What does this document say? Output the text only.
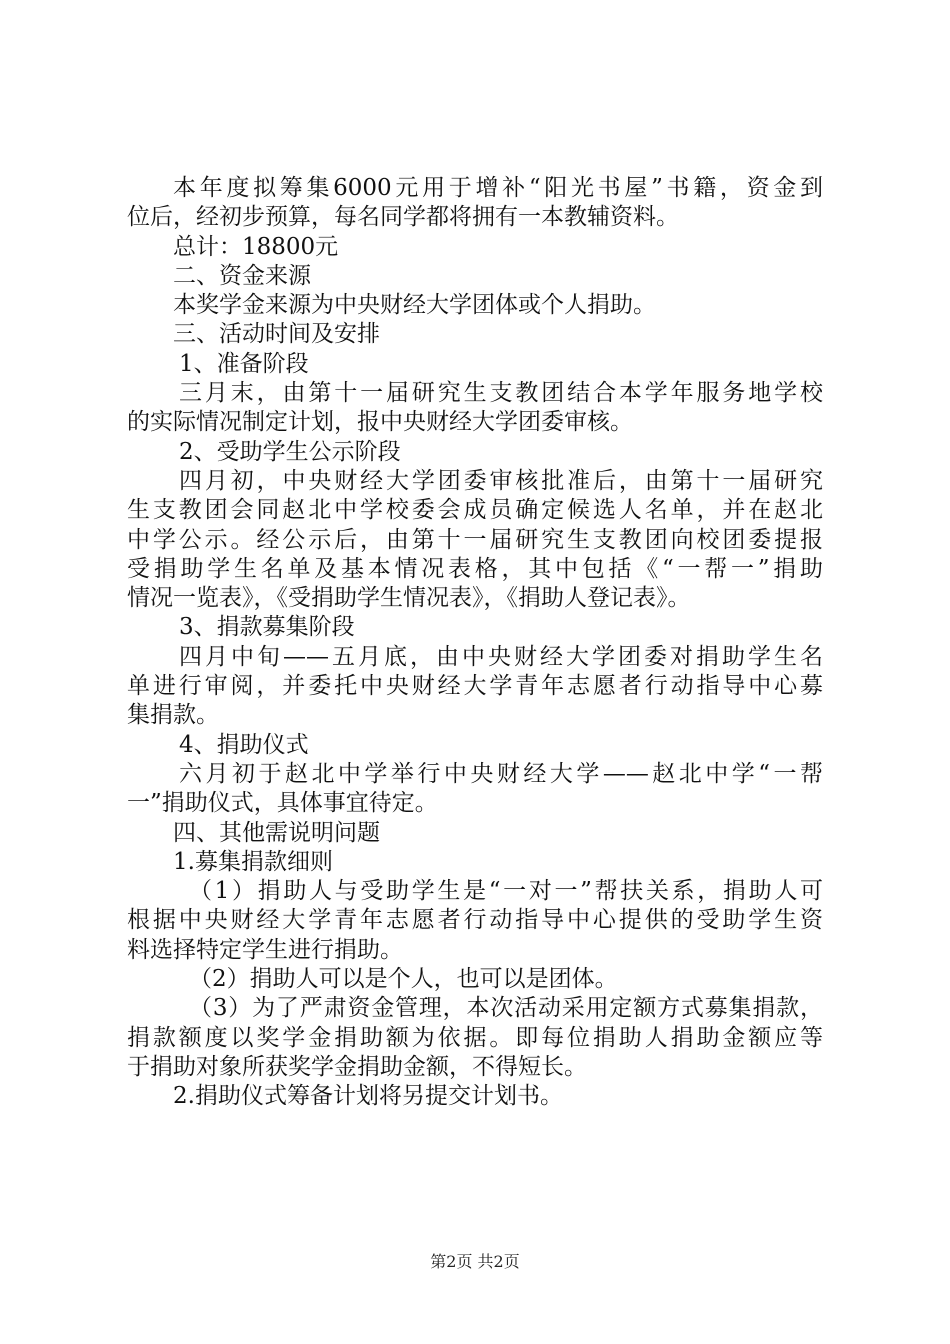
本年度拟筹集6000元用于增补“阳光书屋”书籍，资金到
位后，经初步预算，每名同学都将拥有一本教辅资料。
总计：18800元
二、资金来源
本奖学金来源为中央财经大学团体或个人捐助。
三、活动时间及安排
1、准备阶段
三月末，由第十一届研究生支教团结合本学年服务地学校
的实际情况制定计划，报中央财经大学团委审核。
2、受助学生公示阶段
四月初，中央财经大学团委审核批准后，由第十一届研究
生支教团会同赵北中学校委会成员确定候选人名单，并在赵北
中学公示。经公示后，由第十一届研究生支教团向校团委提报
受捐助学生名单及基本情况表格，其中包括《“一帮一”捐助
情况一览表》，《受捐助学生情况表》，《捐助人登记表》。
3、捐款募集阶段
四月中旬——五月底，由中央财经大学团委对捐助学生名
单进行审阅，并委托中央财经大学青年志愿者行动指导中心募
集捐款。
4、捐助仪式
六月初于赵北中学举行中央财经大学——赵北中学“一帮
一”捐助仪式，具体事宜待定。
四、其他需说明问题
1.募集捐款细则
（1）捐助人与受助学生是“一对一”帮扶关系，捐助人可
根据中央财经大学青年志愿者行动指导中心提供的受助学生资
料选择特定学生进行捐助。
（2）捐助人可以是个人，也可以是团体。
（3）为了严肃资金管理，本次活动采用定额方式募集捐款，
捐款额度以奖学金捐助额为依据。即每位捐助人捐助金额应等
于捐助对象所获奖学金捐助金额，不得短长。
2.捐助仪式筹备计划将另提交计划书。
第2页 共2页
